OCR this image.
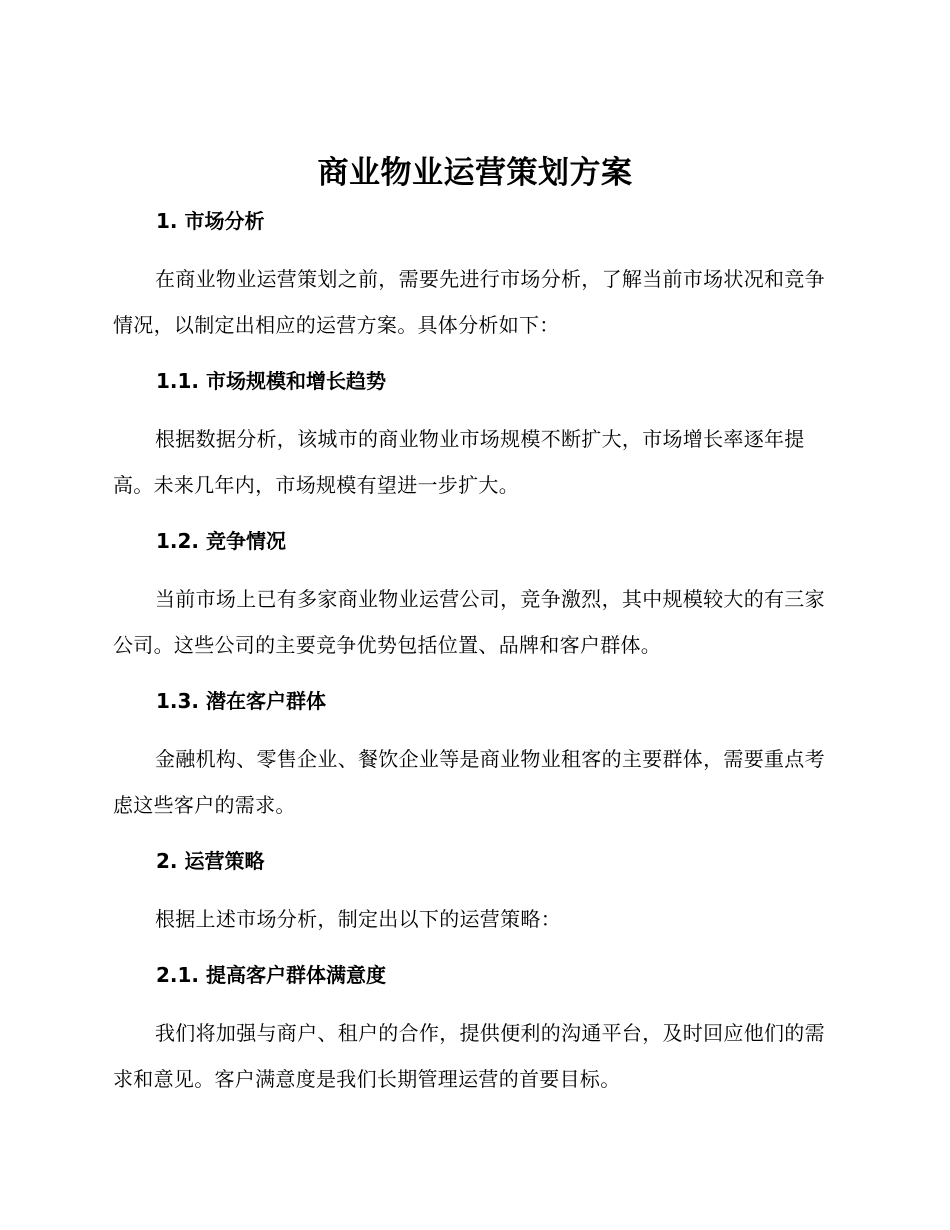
商业物业运营策划方案
1. 市场分析
在商业物业运营策划之前，需要先进行市场分析，了解当前市场状况和竞争情况，以制定出相应的运营方案。具体分析如下：
1.1. 市场规模和增长趋势
根据数据分析，该城市的商业物业市场规模不断扩大，市场增长率逐年提高。未来几年内，市场规模有望进一步扩大。
1.2. 竞争情况
当前市场上已有多家商业物业运营公司，竞争激烈，其中规模较大的有三家公司。这些公司的主要竞争优势包括位置、品牌和客户群体。
1.3. 潜在客户群体
金融机构、零售企业、餐饮企业等是商业物业租客的主要群体，需要重点考虑这些客户的需求。
2. 运营策略
根据上述市场分析，制定出以下的运营策略：
2.1. 提高客户群体满意度
我们将加强与商户、租户的合作，提供便利的沟通平台，及时回应他们的需求和意见。客户满意度是我们长期管理运营的首要目标。
